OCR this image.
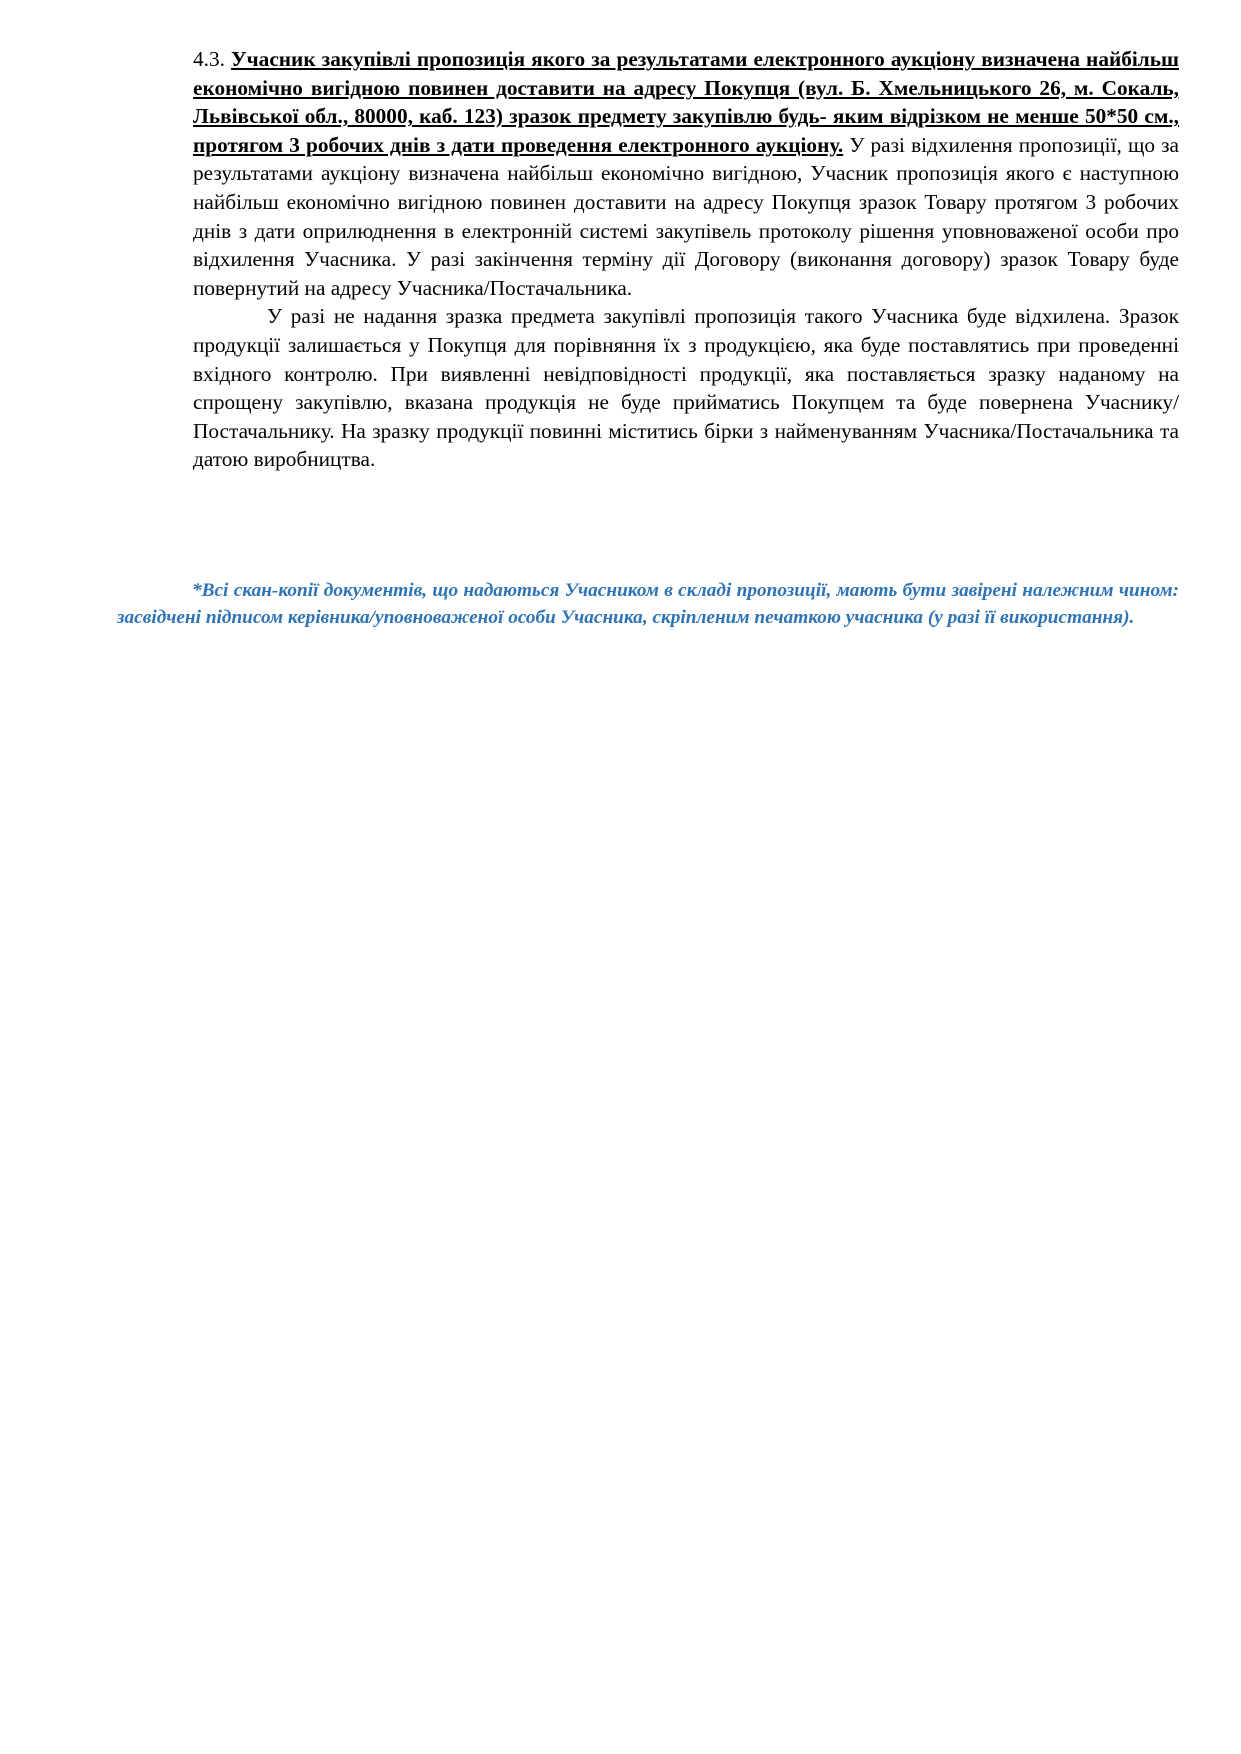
4.3. Учасник закупівлі пропозиція якого за результатами електронного аукціону визначена найбільш економічно вигідною повинен доставити на адресу Покупця (вул. Б. Хмельницького 26, м. Сокаль, Львівської обл., 80000, каб. 123) зразок предмету закупівлю будь- яким відрізком не менше 50*50 см., протягом 3 робочих днів з дати проведення електронного аукціону. У разі відхилення пропозиції, що за результатами аукціону визначена найбільш економічно вигідною, Учасник пропозиція якого є наступною найбільш економічно вигідною повинен доставити на адресу Покупця зразок Товару протягом 3 робочих днів з дати оприлюднення в електронній системі закупівель протоколу рішення уповноваженої особи про відхилення Учасника. У разі закінчення терміну дії Договору (виконання договору) зразок Товару буде повернутий на адресу Учасника/Постачальника.

У разі не надання зразка предмета закупівлі пропозиція такого Учасника буде відхилена. Зразок продукції залишається у Покупця для порівняння їх з продукцією, яка буде поставлятись при проведенні вхідного контролю. При виявленні невідповідності продукції, яка поставляється зразку наданому на спрощену закупівлю, вказана продукція не буде прийматись Покупцем та буде повернена Учаснику/Постачальнику. На зразку продукції повинні міститись бірки з найменуванням Учасника/Постачальника та датою виробництва.

*Всі скан-копії документів, що надаються Учасником в складі пропозиції, мають бути завірені належним чином: засвідчені підписом керівника/уповноваженої особи Учасника, скріпленим печаткою учасника (у разі її використання).
